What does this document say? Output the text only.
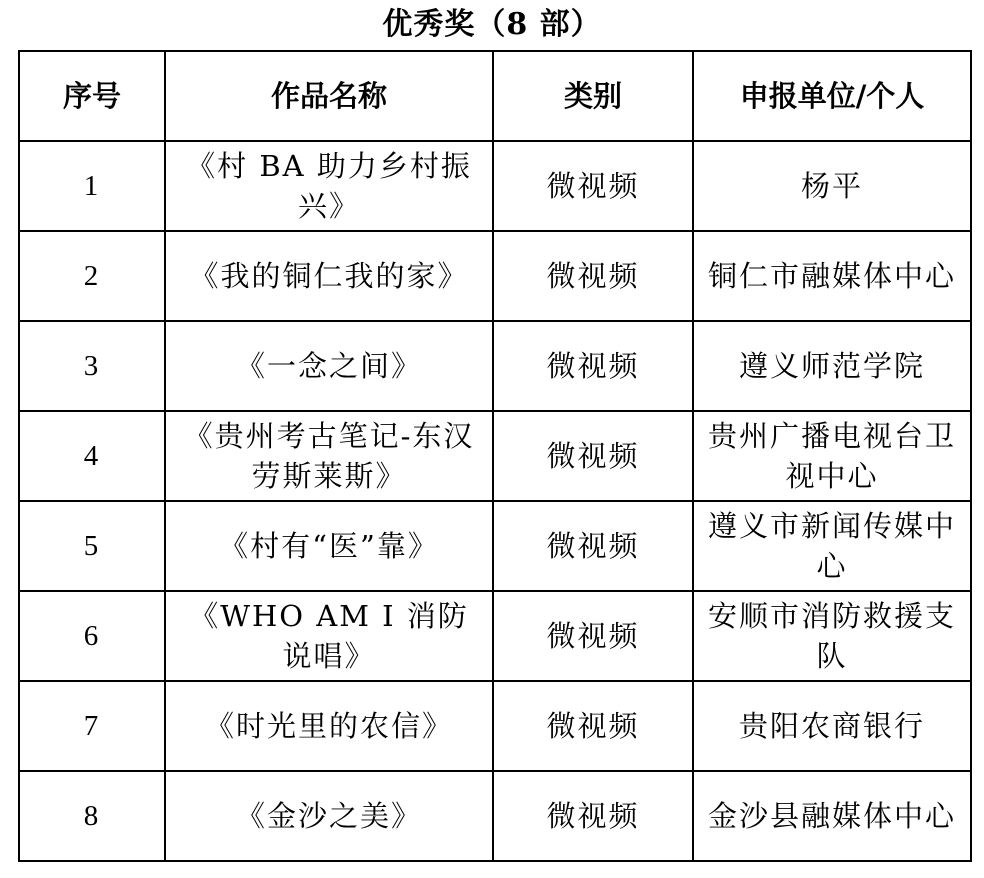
优秀奖（8 部）
序号	作品名称	类别	申报单位/个人
1	《村 BA 助力乡村振兴》	微视频	杨平
2	《我的铜仁我的家》	微视频	铜仁市融媒体中心
3	《一念之间》	微视频	遵义师范学院
4	《贵州考古笔记-东汉劳斯莱斯》	微视频	贵州广播电视台卫视中心
5	《村有“医”靠》	微视频	遵义市新闻传媒中心
6	《WHO AM I 消防说唱》	微视频	安顺市消防救援支队
7	《时光里的农信》	微视频	贵阳农商银行
8	《金沙之美》	微视频	金沙县融媒体中心
